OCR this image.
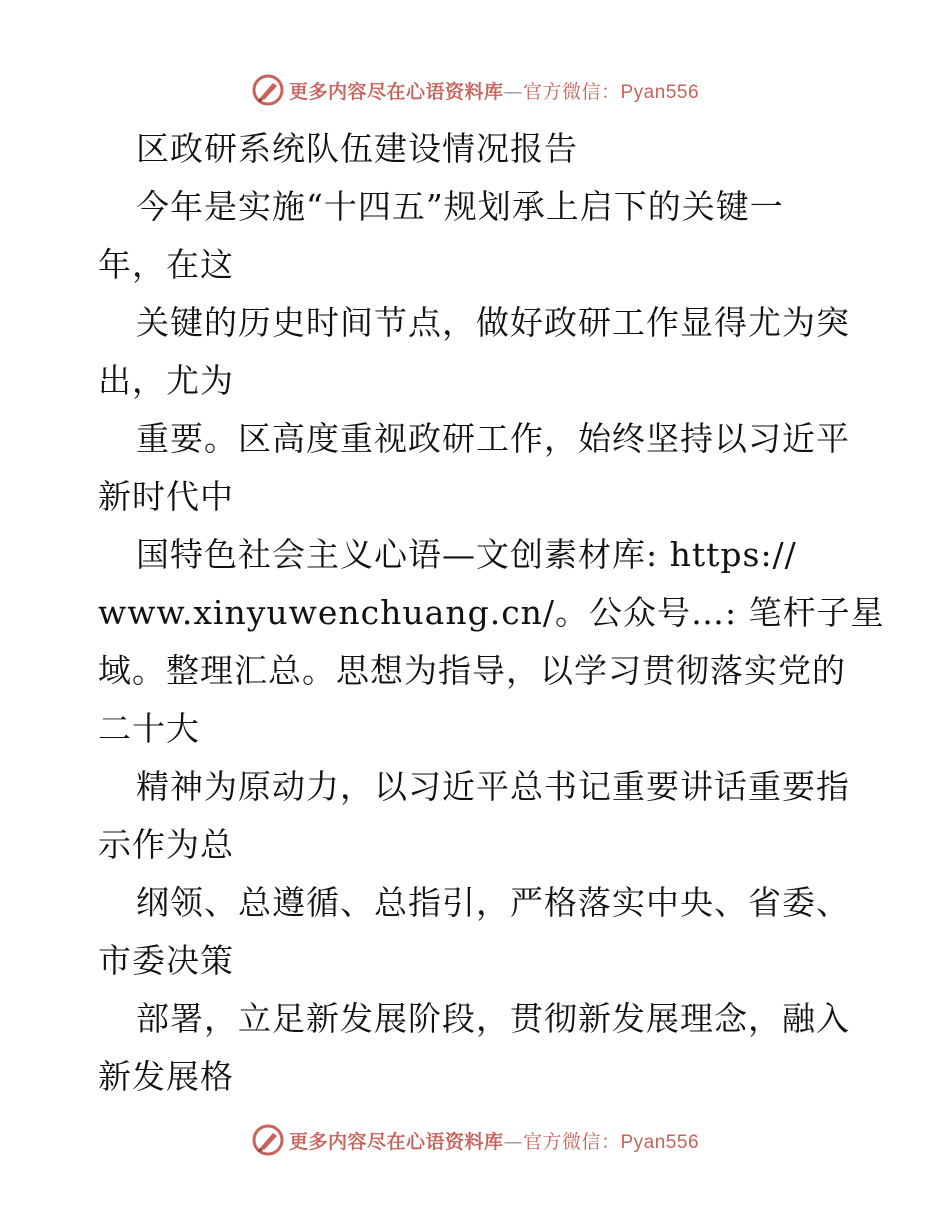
更多内容尽在心语资料库—官方微信：Pyan556
区政研系统队伍建设情况报告
今年是实施“十四五”规划承上启下的关键一
年，在这
关键的历史时间节点，做好政研工作显得尤为突
出，尤为
重要。区高度重视政研工作，始终坚持以习近平
新时代中
国特色社会主义心语—文创素材库: https://
www.xinyuwenchuang.cn/。公众号…: 笔杆子星
域。整理汇总。思想为指导，以学习贯彻落实党的
二十大
精神为原动力，以习近平总书记重要讲话重要指
示作为总
纲领、总遵循、总指引，严格落实中央、省委、
市委决策
部署，立足新发展阶段，贯彻新发展理念，融入
新发展格
更多内容尽在心语资料库—官方微信：Pyan556
